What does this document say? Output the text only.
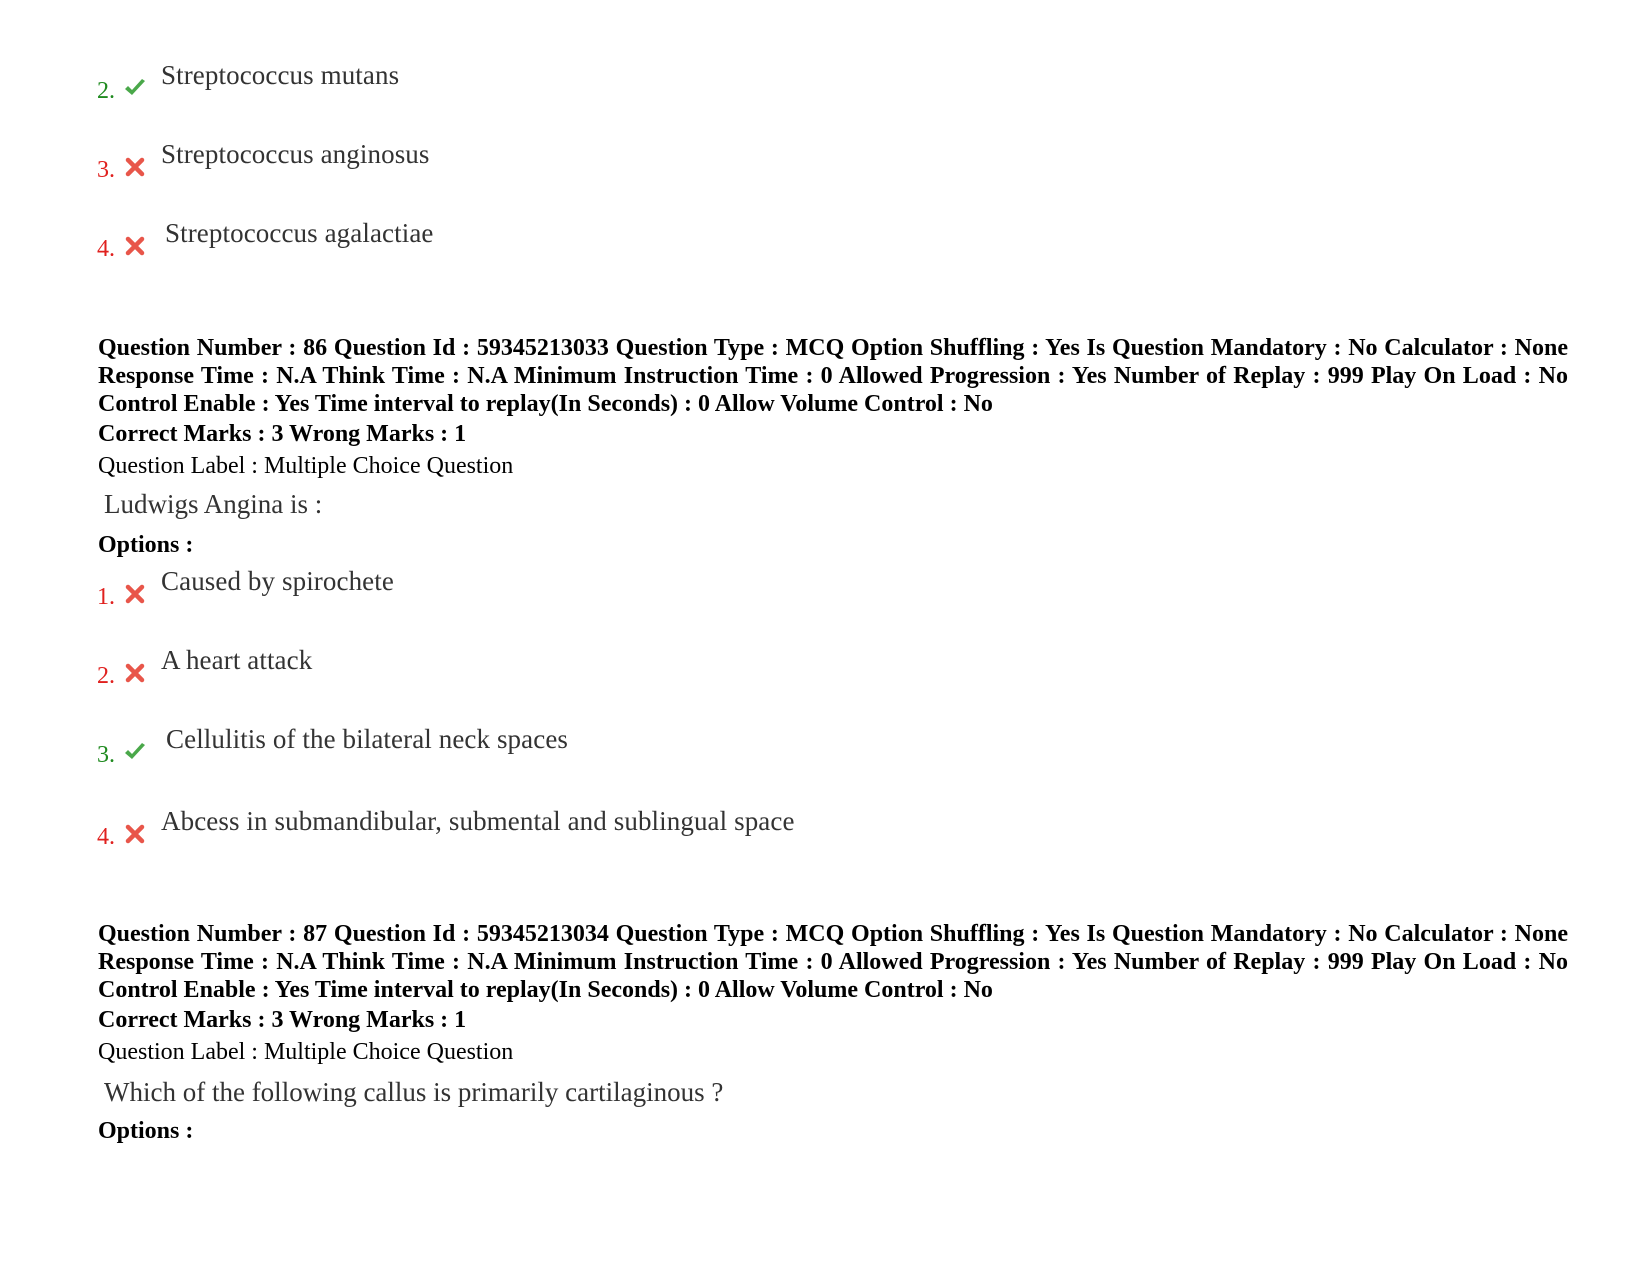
2.
Streptococcus mutans
3.
Streptococcus anginosus
4.
Streptococcus agalactiae
Question Number : 86 Question Id : 59345213033 Question Type : MCQ Option Shuffling : Yes Is Question Mandatory : No Calculator : None Response Time : N.A Think Time : N.A Minimum Instruction Time : 0 Allowed Progression : Yes Number of Replay : 999 Play On Load : No Control Enable : Yes Time interval to replay(In Seconds) : 0 Allow Volume Control : No
Correct Marks : 3 Wrong Marks : 1
Question Label : Multiple Choice Question
Ludwigs Angina is :
Options :
1.
Caused by spirochete
2.
A heart attack
3.
Cellulitis of the bilateral neck spaces
4.
Abcess in submandibular, submental and sublingual space
Question Number : 87 Question Id : 59345213034 Question Type : MCQ Option Shuffling : Yes Is Question Mandatory : No Calculator : None Response Time : N.A Think Time : N.A Minimum Instruction Time : 0 Allowed Progression : Yes Number of Replay : 999 Play On Load : No Control Enable : Yes Time interval to replay(In Seconds) : 0 Allow Volume Control : No
Correct Marks : 3 Wrong Marks : 1
Question Label : Multiple Choice Question
Which of the following callus is primarily cartilaginous ?
Options :
